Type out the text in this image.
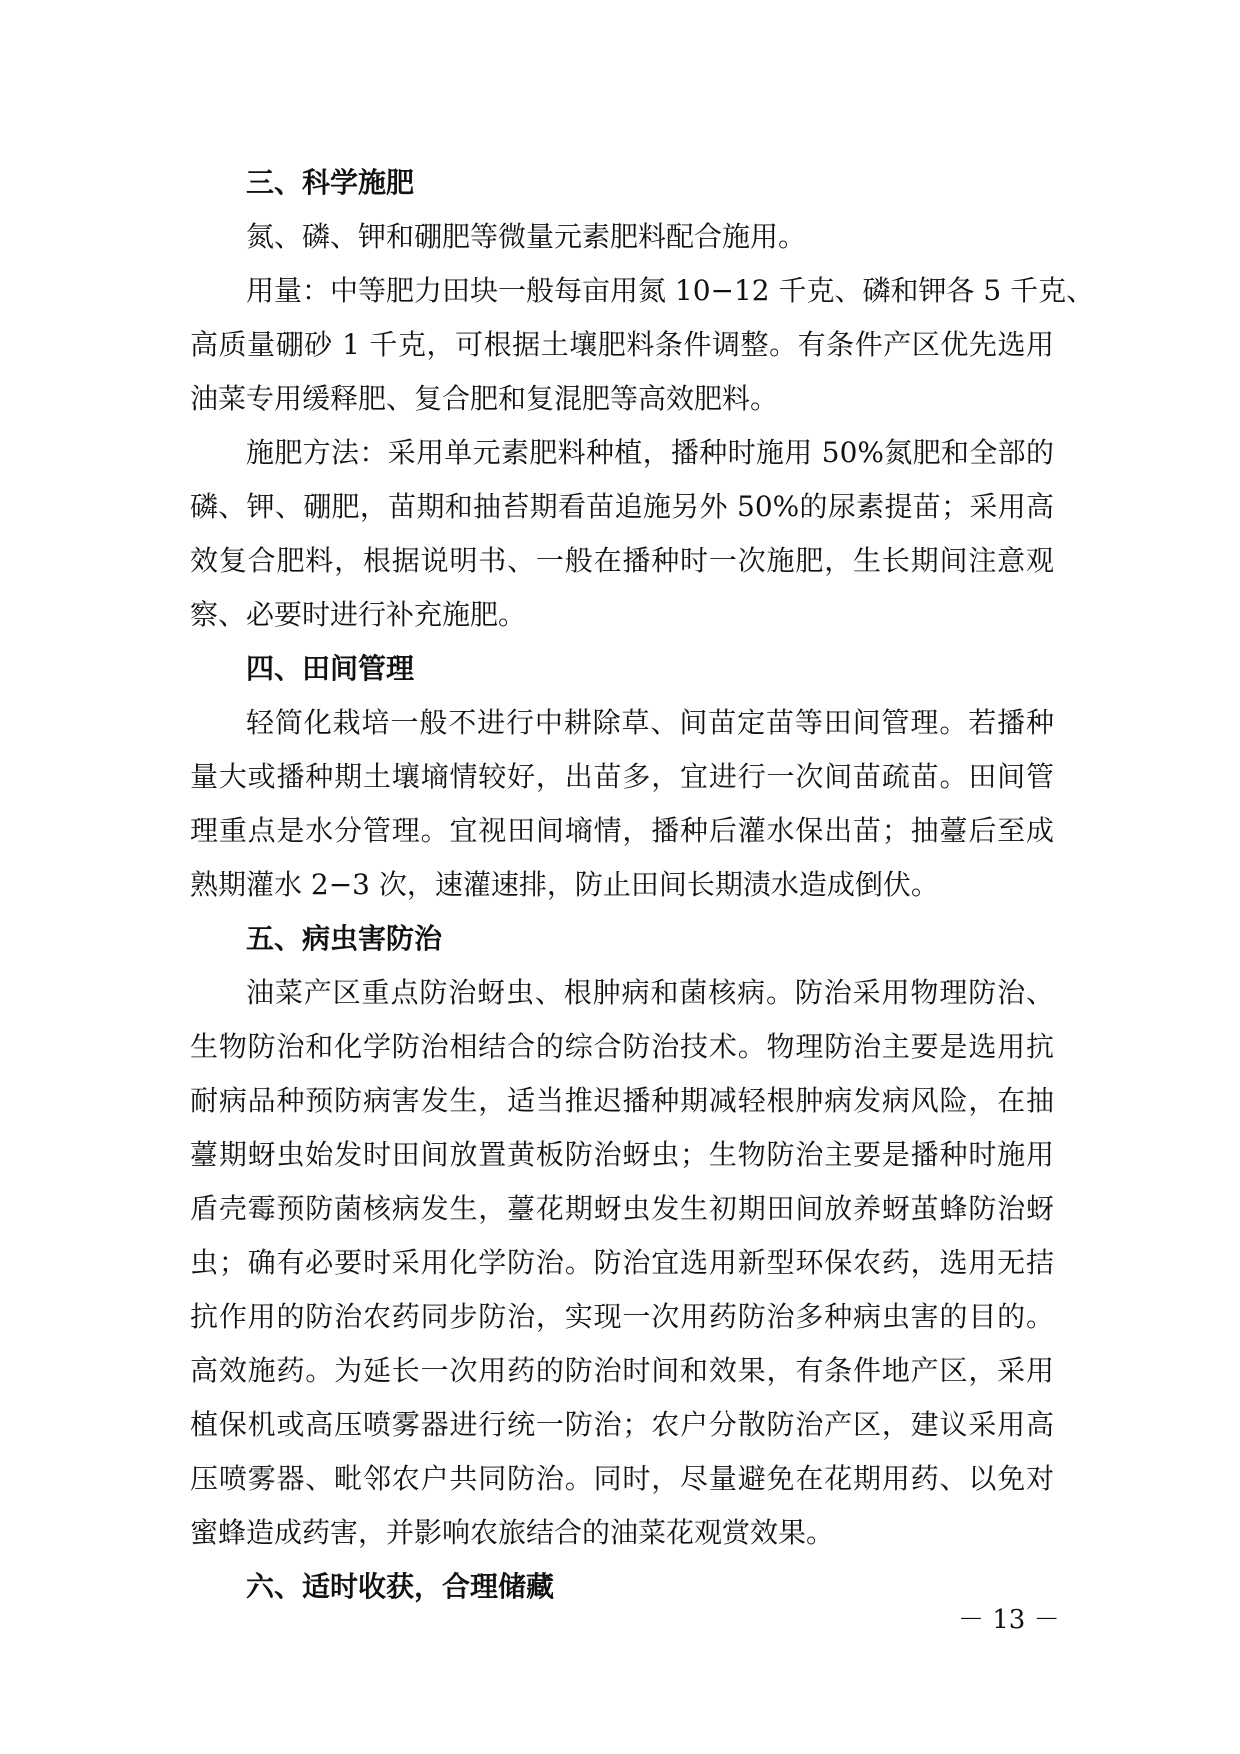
三、科学施肥
氮、磷、钾和硼肥等微量元素肥料配合施用。
用量：中等肥力田块一般每亩用氮 10−12 千克、磷和钾各 5 千克、
高质量硼砂 1 千克，可根据土壤肥料条件调整。有条件产区优先选用
油菜专用缓释肥、复合肥和复混肥等高效肥料。
施肥方法：采用单元素肥料种植，播种时施用 50%氮肥和全部的
磷、钾、硼肥，苗期和抽苔期看苗追施另外 50%的尿素提苗；采用高
效复合肥料，根据说明书、一般在播种时一次施肥，生长期间注意观
察、必要时进行补充施肥。
四、田间管理
轻简化栽培一般不进行中耕除草、间苗定苗等田间管理。若播种
量大或播种期土壤墒情较好，出苗多，宜进行一次间苗疏苗。田间管
理重点是水分管理。宜视田间墒情，播种后灌水保出苗；抽薹后至成
熟期灌水 2−3 次，速灌速排，防止田间长期渍水造成倒伏。
五、病虫害防治
油菜产区重点防治蚜虫、根肿病和菌核病。防治采用物理防治、
生物防治和化学防治相结合的综合防治技术。物理防治主要是选用抗
耐病品种预防病害发生，适当推迟播种期减轻根肿病发病风险，在抽
薹期蚜虫始发时田间放置黄板防治蚜虫；生物防治主要是播种时施用
盾壳霉预防菌核病发生，薹花期蚜虫发生初期田间放养蚜茧蜂防治蚜
虫；确有必要时采用化学防治。防治宜选用新型环保农药，选用无拮
抗作用的防治农药同步防治，实现一次用药防治多种病虫害的目的。
高效施药。为延长一次用药的防治时间和效果，有条件地产区，采用
植保机或高压喷雾器进行统一防治；农户分散防治产区，建议采用高
压喷雾器、毗邻农户共同防治。同时，尽量避免在花期用药、以免对
蜜蜂造成药害，并影响农旅结合的油菜花观赏效果。
六、适时收获，合理储藏
－ 13 －
